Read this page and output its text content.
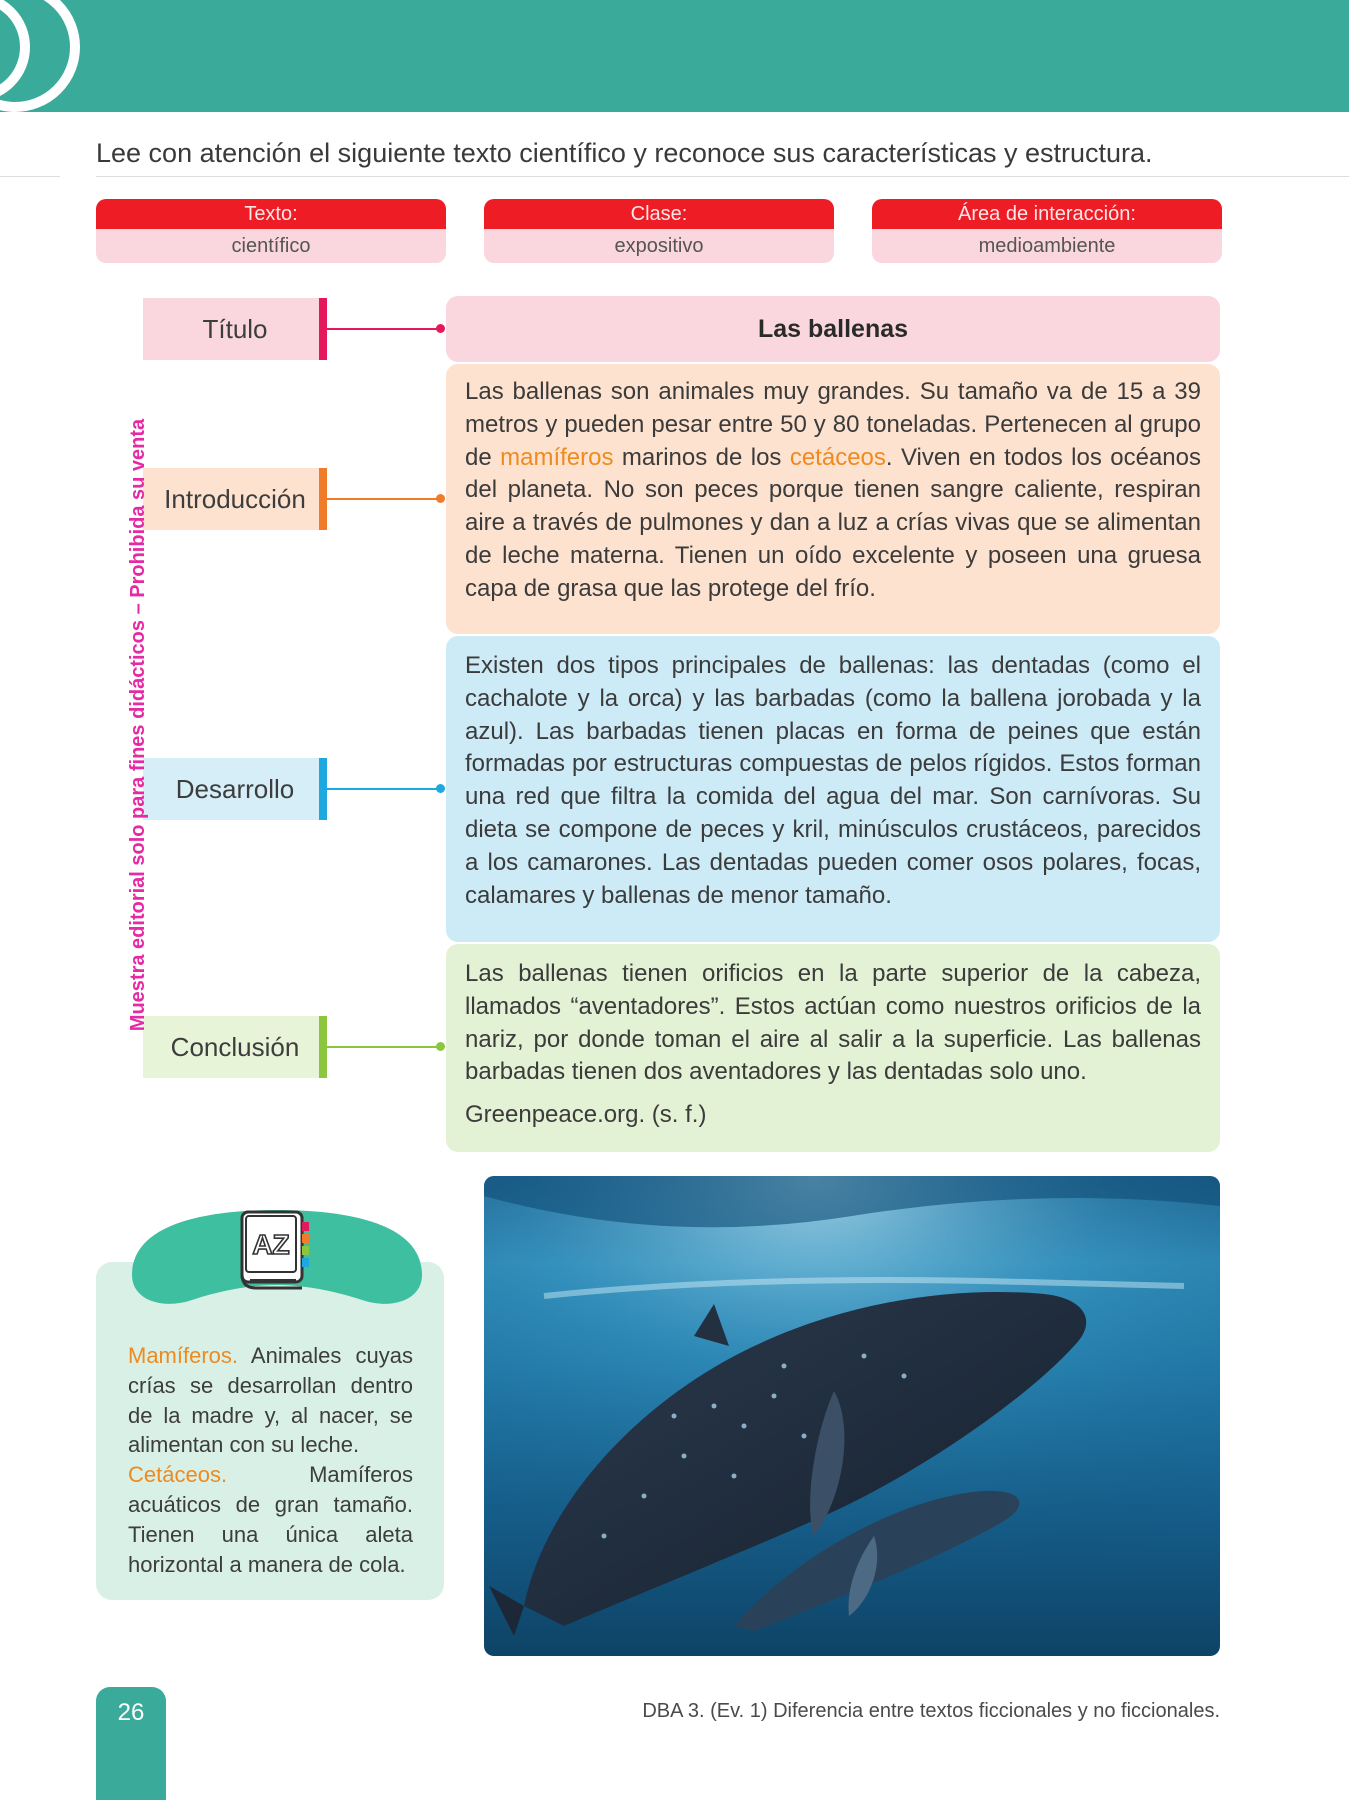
Lee con atención el siguiente texto científico y reconoce sus características y estructura.
Texto:
científico
Clase:
expositivo
Área de interacción:
medioambiente
Título	Las ballenas
Introducción

Las ballenas son animales muy grandes. Su tamaño va de 15 a 39 metros y pueden pesar entre 50 y 80 toneladas. Pertenecen al grupo de mamíferos marinos de los cetáceos. Viven en todos los océanos del planeta. No son peces porque tienen sangre caliente, respiran aire a través de pulmones y dan a luz a crías vivas que se alimentan de leche materna. Tienen un oído excelente y poseen una gruesa capa de grasa que las protege del frío.

Desarrollo

Existen dos tipos principales de ballenas: las dentadas (como el cachalote y la orca) y las barbadas (como la ballena jorobada y la azul). Las barbadas tienen placas en forma de peines que están formadas por estructuras compuestas de pelos rígidos. Estos forman una red que filtra la comida del agua del mar. Son carnívoras. Su dieta se compone de peces y kril, minúsculos crustáceos, parecidos a los camarones. Las dentadas pueden comer osos polares, focas, calamares y ballenas de menor tamaño.

Conclusión

Las ballenas tienen orificios en la parte superior de la cabeza, llamados “aventadores”. Estos actúan como nuestros orificios de la nariz, por donde toman el aire al salir a la superficie. Las ballenas barbadas tienen dos aventadores y las dentadas solo uno.

Greenpeace.org. (s. f.)

Muestra editorial solo para fines didácticos – Prohibida su venta
AZ

Mamíferos. Animales cuyas crías se desarrollan dentro de la madre y, al nacer, se alimentan con su leche.

Cetáceos. Mamíferos acuáticos de gran tamaño. Tienen una única aleta horizontal a manera de cola.

26	DBA 3. (Ev. 1) Diferencia entre textos ficcionales y no ficcionales.
